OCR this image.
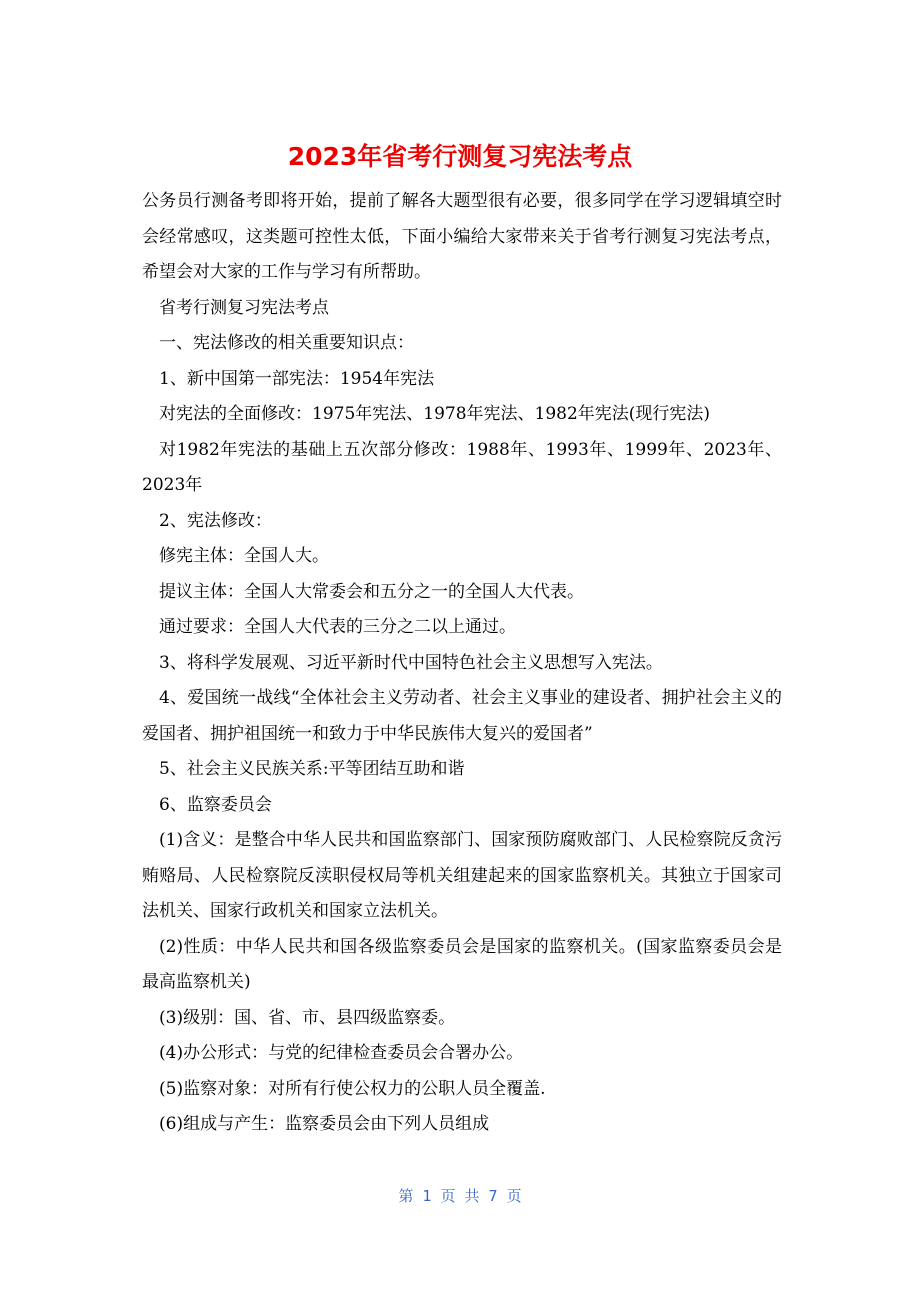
2023年省考行测复习宪法考点

公务员行测备考即将开始，提前了解各大题型很有必要，很多同学在学习逻辑填空时会经常感叹，这类题可控性太低，下面小编给大家带来关于省考行测复习宪法考点，希望会对大家的工作与学习有所帮助。

省考行测复习宪法考点

一、宪法修改的相关重要知识点：

1、新中国第一部宪法：1954年宪法

对宪法的全面修改：1975年宪法、1978年宪法、1982年宪法(现行宪法)

对1982年宪法的基础上五次部分修改：1988年、1993年、1999年、2023年、2023年

2、宪法修改：

修宪主体：全国人大。

提议主体：全国人大常委会和五分之一的全国人大代表。

通过要求：全国人大代表的三分之二以上通过。

3、将科学发展观、习近平新时代中国特色社会主义思想写入宪法。

4、爱国统一战线“全体社会主义劳动者、社会主义事业的建设者、拥护社会主义的爱国者、拥护祖国统一和致力于中华民族伟大复兴的爱国者”

5、社会主义民族关系:平等团结互助和谐

6、监察委员会

(1)含义：是整合中华人民共和国监察部门、国家预防腐败部门、人民检察院反贪污贿赂局、人民检察院反渎职侵权局等机关组建起来的国家监察机关。其独立于国家司法机关、国家行政机关和国家立法机关。

(2)性质：中华人民共和国各级监察委员会是国家的监察机关。(国家监察委员会是最高监察机关)

(3)级别：国、省、市、县四级监察委。

(4)办公形式：与党的纪律检查委员会合署办公。

(5)监察对象：对所有行使公权力的公职人员全覆盖.

(6)组成与产生：监察委员会由下列人员组成

第 1 页 共 7 页
